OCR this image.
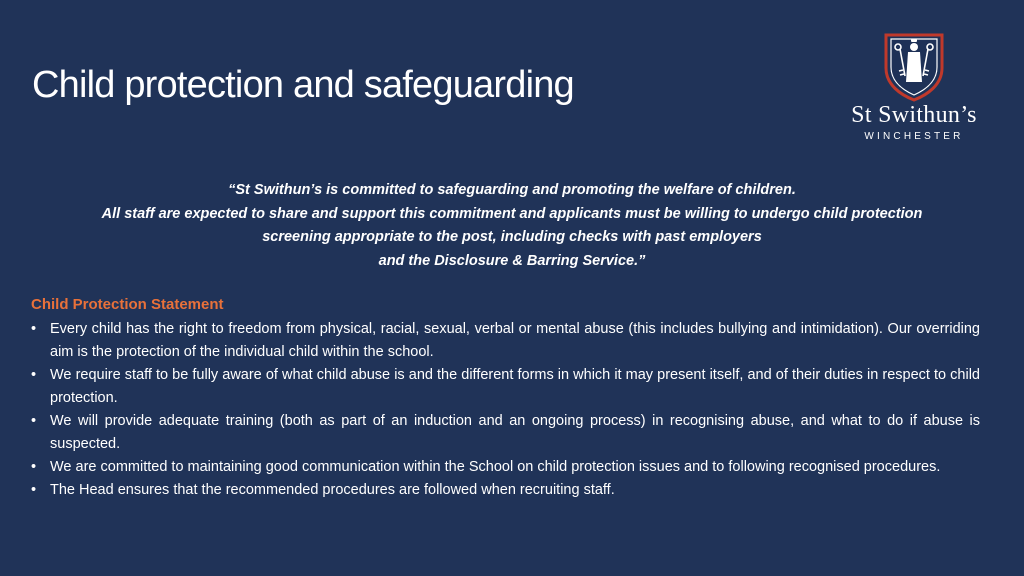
Child protection and safeguarding
St Swithun’s
WINCHESTER

“St Swithun’s is committed to safeguarding and promoting the welfare of children.
All staff are expected to share and support this commitment and applicants must be willing to undergo child protection
screening appropriate to the post, including checks with past employers
and the Disclosure & Barring Service.”

Child Protection Statement
• Every child has the right to freedom from physical, racial, sexual, verbal or mental abuse (this includes bullying and intimidation). Our overriding aim is the protection of the individual child within the school.
• We require staff to be fully aware of what child abuse is and the different forms in which it may present itself, and of their duties in respect to child protection.
• We will provide adequate training (both as part of an induction and an ongoing process) in recognising abuse, and what to do if abuse is suspected.
• We are committed to maintaining good communication within the School on child protection issues and to following recognised procedures.
• The Head ensures that the recommended procedures are followed when recruiting staff.
